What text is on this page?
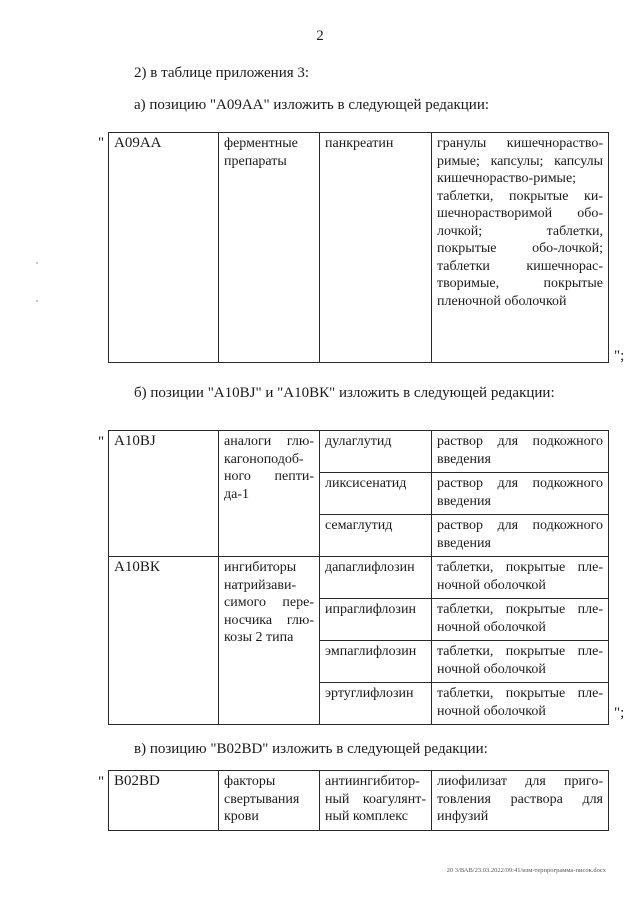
2
2) в таблице приложения 3:
а) позицию "А09АА" изложить в следующей редакции:
" А09АА	ферментные препараты	панкреатин	гранулы кишечнораство-римые; капсулы; капсулы кишечнораство-римые; таблетки, покрытые ки-шечнорастворимой обо-лочкой; таблетки, покрытые обо-лочкой; таблетки кишечнорас-творимые, покрытые пленочной оболочкой
";
б) позиции "А10BJ" и "А10ВК" изложить в следующей редакции:
" А10BJ	аналоги глю-кагоноподоб-ного пепти-да-1	дулаглутид	раствор для подкожного введения
		ликсисенатид	раствор для подкожного введения
		семаглутид	раствор для подкожного введения
А10ВК	ингибиторы натрийзави-симого пере-носчика глю-козы 2 типа	дапаглифлозин	таблетки, покрытые пле-ночной оболочкой
		ипраглифлозин	таблетки, покрытые пле-ночной оболочкой
		эмпаглифлозин	таблетки, покрытые пле-ночной оболочкой
		эртуглифлозин	таблетки, покрытые пле-ночной оболочкой	";
в) позицию "В02BD" изложить в следующей редакции:
" В02BD	факторы свертывания крови	антиингибитор-ный коагулянт-ный комплекс	лиофилизат для приго-товления раствора для инфузий
20 3/ВАВ/23.03.2022/09:41/изм-терпрограмма-писок.docx
